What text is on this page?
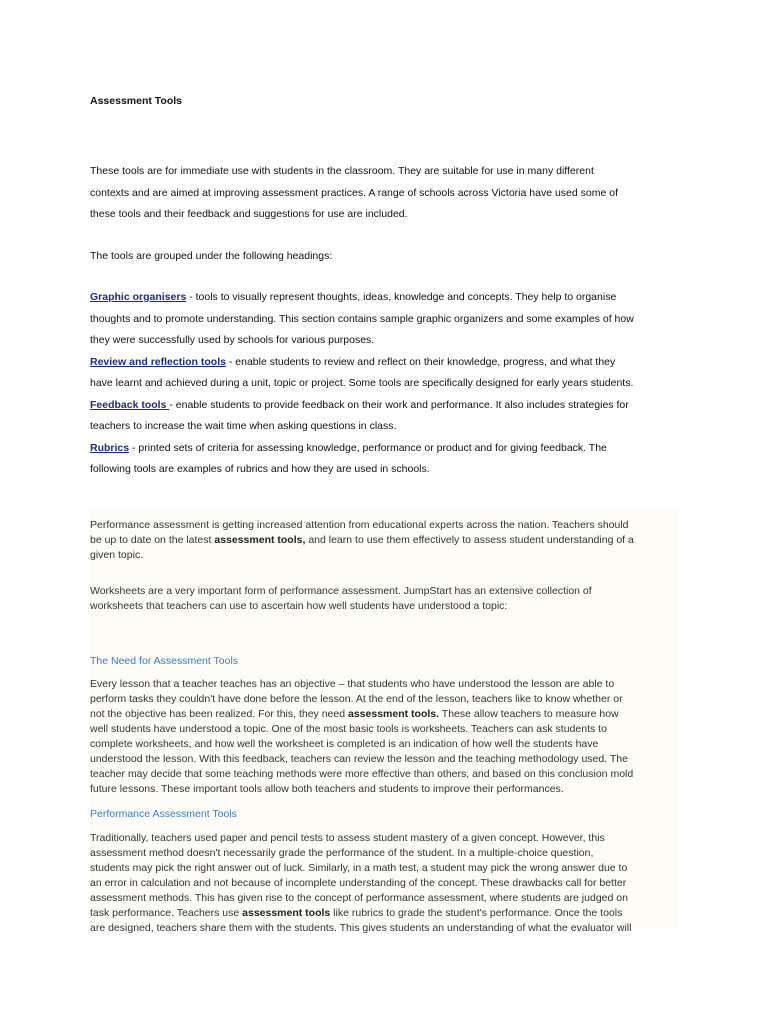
Assessment Tools
These tools are for immediate use with students in the classroom. They are suitable for use in many different
contexts and are aimed at improving assessment practices. A range of schools across Victoria have used some of
these tools and their feedback and suggestions for use are included.
The tools are grouped under the following headings:
Graphic organisers - tools to visually represent thoughts, ideas, knowledge and concepts. They help to organise
thoughts and to promote understanding. This section contains sample graphic organizers and some examples of how
they were successfully used by schools for various purposes.
Review and reflection tools - enable students to review and reflect on their knowledge, progress, and what they
have learnt and achieved during a unit, topic or project. Some tools are specifically designed for early years students.
Feedback tools - enable students to provide feedback on their work and performance. It also includes strategies for
teachers to increase the wait time when asking questions in class.
Rubrics - printed sets of criteria for assessing knowledge, performance or product and for giving feedback. The
following tools are examples of rubrics and how they are used in schools.
Performance assessment is getting increased attention from educational experts across the nation. Teachers should
be up to date on the latest assessment tools, and learn to use them effectively to assess student understanding of a
given topic.
Worksheets are a very important form of performance assessment. JumpStart has an extensive collection of
worksheets that teachers can use to ascertain how well students have understood a topic:
The Need for Assessment Tools
Every lesson that a teacher teaches has an objective – that students who have understood the lesson are able to
perform tasks they couldn't have done before the lesson. At the end of the lesson, teachers like to know whether or
not the objective has been realized. For this, they need assessment tools. These allow teachers to measure how
well students have understood a topic. One of the most basic tools is worksheets. Teachers can ask students to
complete worksheets, and how well the worksheet is completed is an indication of how well the students have
understood the lesson. With this feedback, teachers can review the lesson and the teaching methodology used. The
teacher may decide that some teaching methods were more effective than others, and based on this conclusion mold
future lessons. These important tools allow both teachers and students to improve their performances.
Performance Assessment Tools
Traditionally, teachers used paper and pencil tests to assess student mastery of a given concept. However, this
assessment method doesn't necessarily grade the performance of the student. In a multiple-choice question,
students may pick the right answer out of luck. Similarly, in a math test, a student may pick the wrong answer due to
an error in calculation and not because of incomplete understanding of the concept. These drawbacks call for better
assessment methods. This has given rise to the concept of performance assessment, where students are judged on
task performance. Teachers use assessment tools like rubrics to grade the student's performance. Once the tools
are designed, teachers share them with the students. This gives students an understanding of what the evaluator will
